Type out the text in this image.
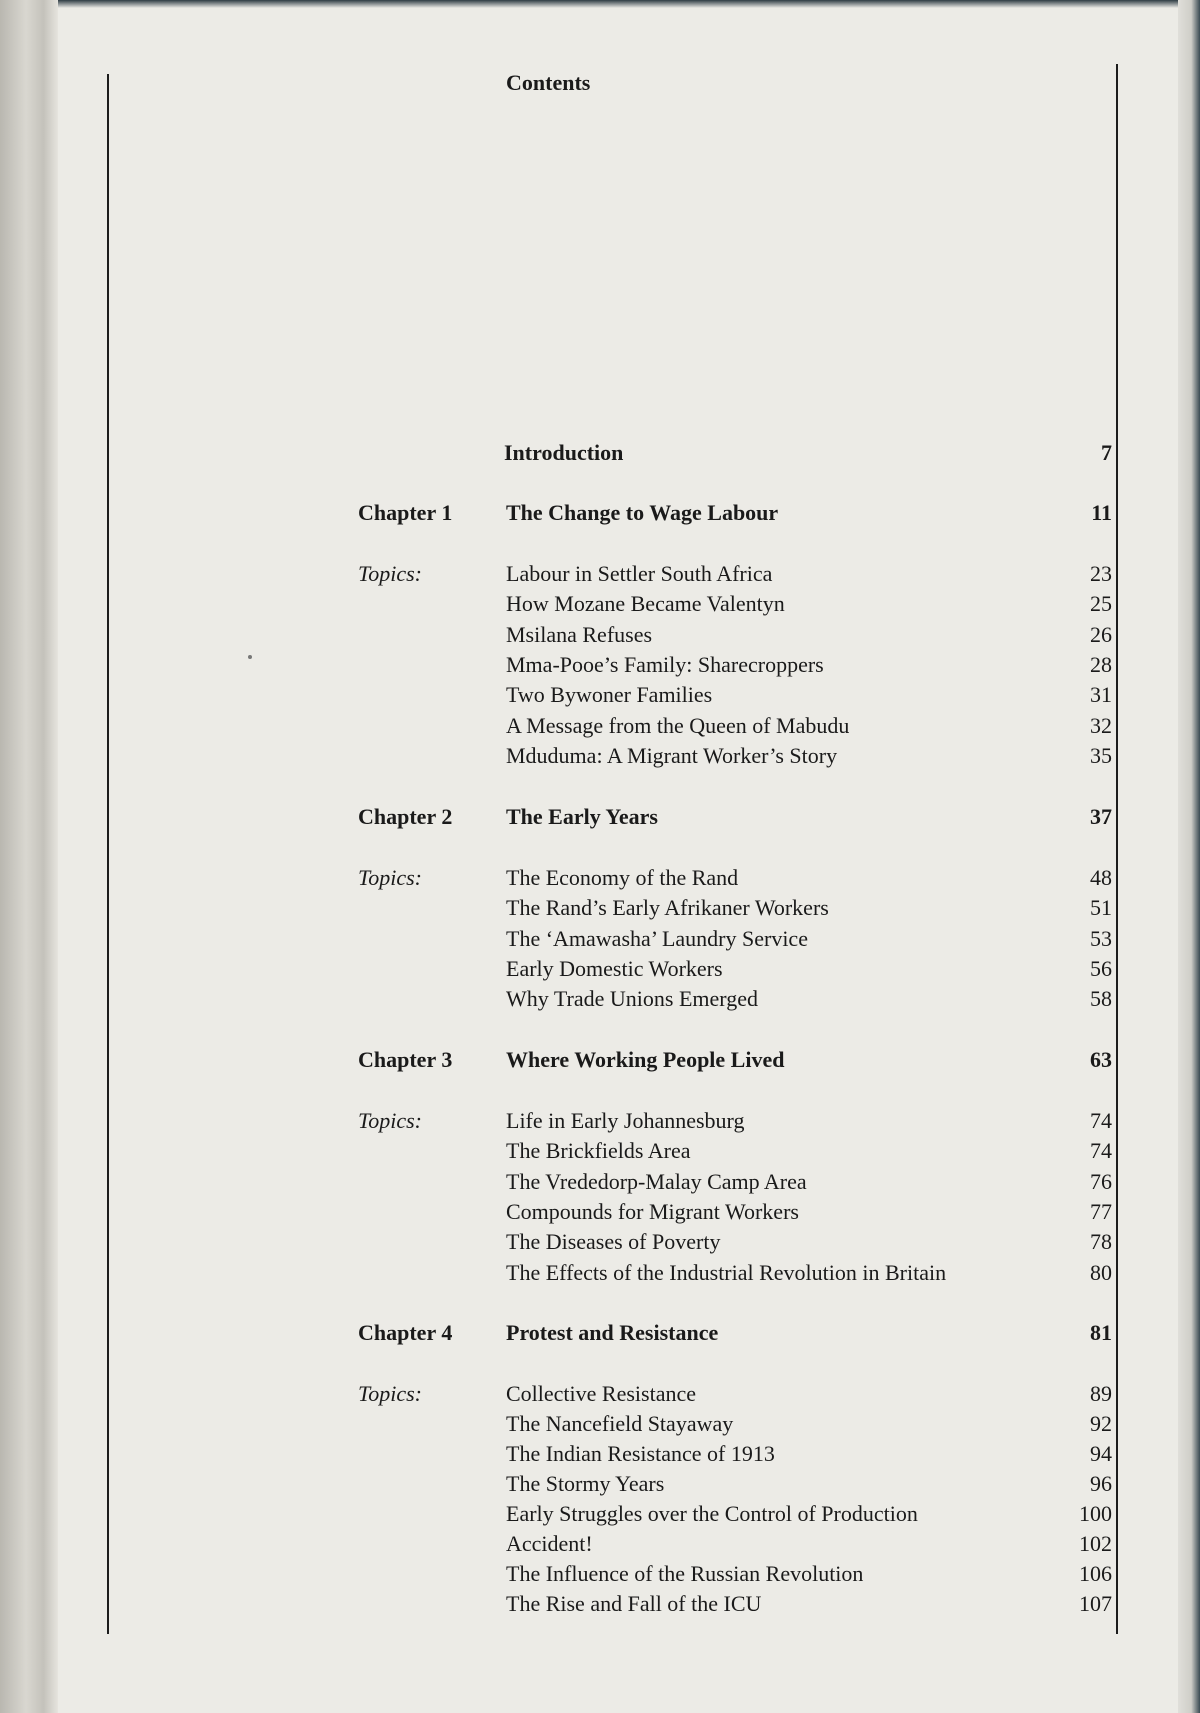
Contents
Introduction	7
Chapter 1 The Change to Wage Labour	11
Topics:	Labour in Settler South Africa	23
How Mozane Became Valentyn	25
Msilana Refuses	26
Mma-Pooe’s Family: Sharecroppers	28
Two Bywoner Families	31
A Message from the Queen of Mabudu	32
Mduduma: A Migrant Worker’s Story	35
Chapter 2 The Early Years	37
Topics:	The Economy of the Rand	48
The Rand’s Early Afrikaner Workers	51
The ‘Amawasha’ Laundry Service	53
Early Domestic Workers	56
Why Trade Unions Emerged	58
Chapter 3 Where Working People Lived	63
Topics:	Life in Early Johannesburg	74
The Brickfields Area	74
The Vrededorp-Malay Camp Area	76
Compounds for Migrant Workers	77
The Diseases of Poverty	78
The Effects of the Industrial Revolution in Britain	80
Chapter 4 Protest and Resistance	81
Topics:	Collective Resistance	89
The Nancefield Stayaway	92
The Indian Resistance of 1913	94
The Stormy Years	96
Early Struggles over the Control of Production	100
Accident!	102
The Influence of the Russian Revolution	106
The Rise and Fall of the ICU	107
